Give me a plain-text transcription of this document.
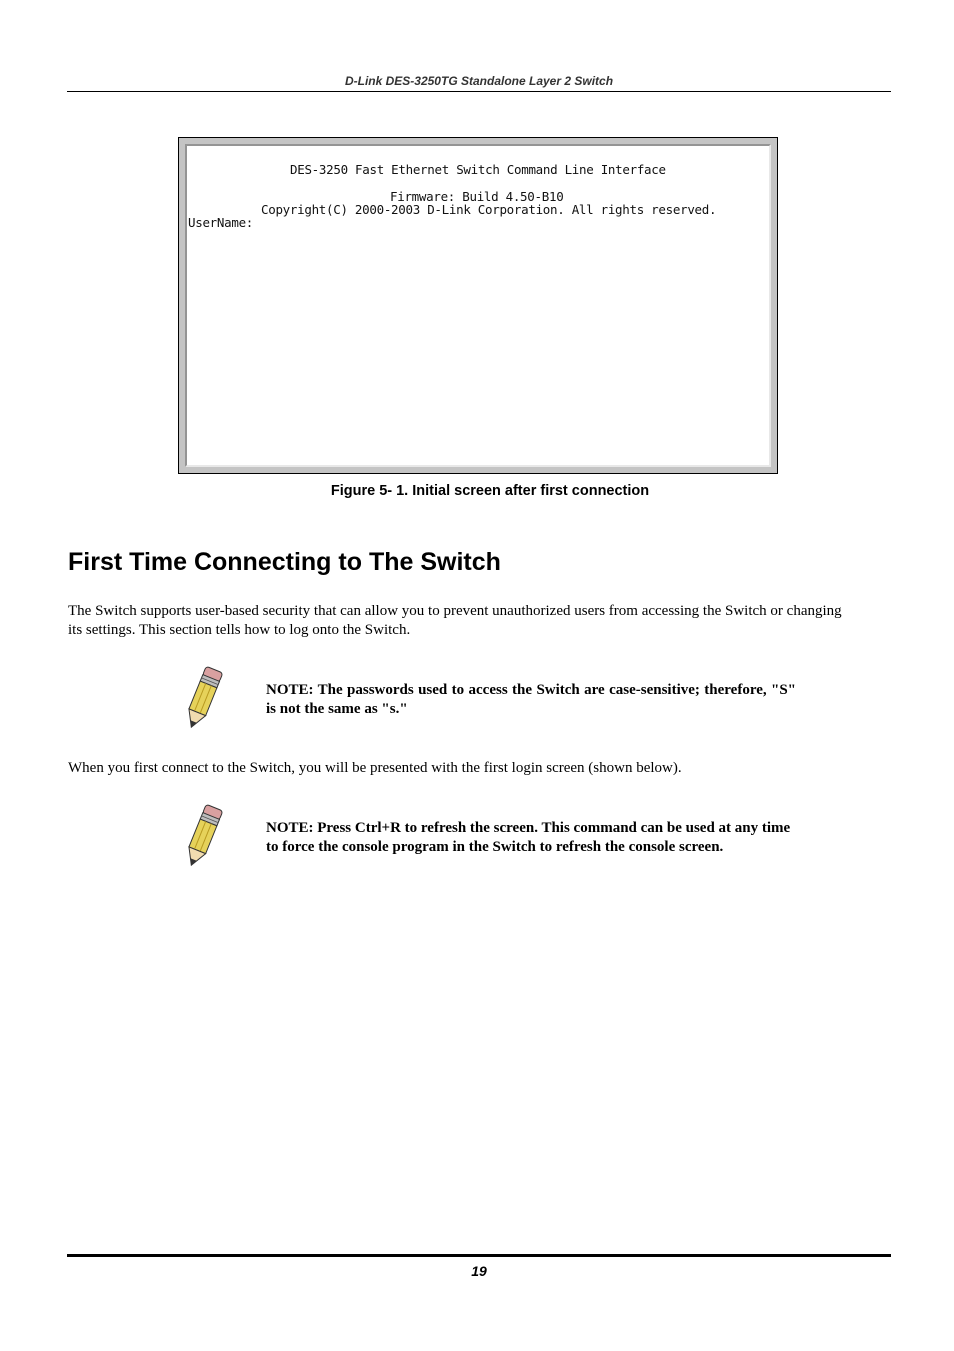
D-Link DES-3250TG Standalone Layer 2 Switch
DES-3250 Fast Ethernet Switch Command Line Interface
Firmware: Build 4.50-B10
Copyright(C) 2000-2003 D-Link Corporation. All rights reserved.
UserName:
Figure 5- 1. Initial screen after first connection
First Time Connecting to The Switch

The Switch supports user-based security that can allow you to prevent unauthorized users from accessing the Switch or changing its settings. This section tells how to log onto the Switch.

NOTE: The passwords used to access the Switch are case-sensitive; therefore, "S" is not the same as "s."

When you first connect to the Switch, you will be presented with the first login screen (shown below).

NOTE: Press Ctrl+R to refresh the screen. This command can be used at any time to force the console program in the Switch to refresh the console screen.

19
